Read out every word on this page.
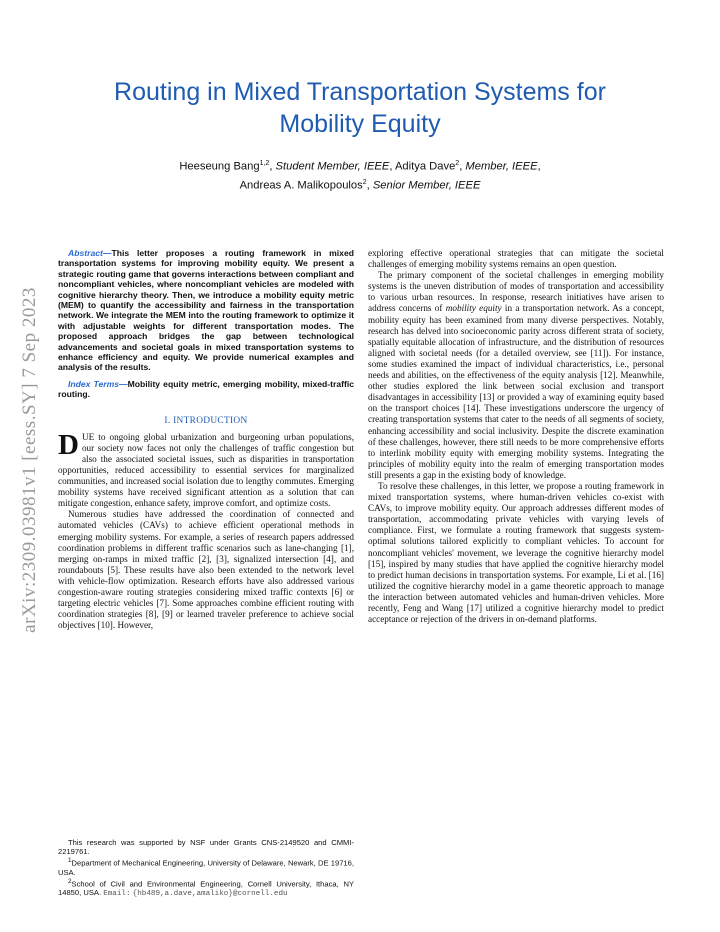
Routing in Mixed Transportation Systems for
Mobility Equity
Heeseung Bang$^{1,2}$, Student Member, IEEE, Aditya Dave$^2$, Member, IEEE,
Andreas A. Malikopoulos$^2$, Senior Member, IEEE
arXiv:2309.03981v1 [eess.SY] 7 Sep 2023

Abstract—This letter proposes a routing framework in mixed transportation systems for improving mobility equity. We present a strategic routing game that governs interactions between compliant and noncompliant vehicles, where noncompliant vehicles are modeled with cognitive hierarchy theory. Then, we introduce a mobility equity metric (MEM) to quantify the accessibility and fairness in the transportation network. We integrate the MEM into the routing framework to optimize it with adjustable weights for different transportation modes. The proposed approach bridges the gap between technological advancements and societal goals in mixed transportation systems to enhance efficiency and equity. We provide numerical examples and analysis of the results.

Index Terms—Mobility equity metric, emerging mobility, mixed-traffic routing.

I. INTRODUCTION

DUE to ongoing global urbanization and burgeoning urban populations, our society now faces not only the challenges of traffic congestion but also the associated societal issues, such as disparities in transportation opportunities, reduced accessibility to essential services for marginalized communities, and increased social isolation due to lengthy commutes. Emerging mobility systems have received significant attention as a solution that can mitigate congestion, enhance safety, improve comfort, and optimize costs.

Numerous studies have addressed the coordination of connected and automated vehicles (CAVs) to achieve efficient operational methods in emerging mobility systems. For example, a series of research papers addressed coordination problems in different traffic scenarios such as lane-changing [1], merging on-ramps in mixed traffic [2], [3], signalized intersection [4], and roundabouts [5]. These results have also been extended to the network level with vehicle-flow optimization. Research efforts have also addressed various congestion-aware routing strategies considering mixed traffic contexts [6] or targeting electric vehicles [7]. Some approaches combine efficient routing with coordination strategies [8], [9] or learned traveler preference to achieve social objectives [10]. However,

exploring effective operational strategies that can mitigate the societal challenges of emerging mobility systems remains an open question.

The primary component of the societal challenges in emerging mobility systems is the uneven distribution of modes of transportation and accessibility to various urban resources. In response, research initiatives have arisen to address concerns of mobility equity in a transportation network. As a concept, mobility equity has been examined from many diverse perspectives. Notably, research has delved into socioeconomic parity across different strata of society, spatially equitable allocation of infrastructure, and the distribution of resources aligned with societal needs (for a detailed overview, see [11]). For instance, some studies examined the impact of individual characteristics, i.e., personal needs and abilities, on the effectiveness of the equity analysis [12]. Meanwhile, other studies explored the link between social exclusion and transport disadvantages in accessibility [13] or provided a way of examining equity based on the transport choices [14]. These investigations underscore the urgency of creating transportation systems that cater to the needs of all segments of society, enhancing accessibility and social inclusivity. Despite the discrete examination of these challenges, however, there still needs to be more comprehensive efforts to interlink mobility equity with emerging mobility systems. Integrating the principles of mobility equity into the realm of emerging transportation modes still presents a gap in the existing body of knowledge.

To resolve these challenges, in this letter, we propose a routing framework in mixed transportation systems, where human-driven vehicles co-exist with CAVs, to improve mobility equity. Our approach addresses different modes of transportation, accommodating private vehicles with varying levels of compliance. First, we formulate a routing framework that suggests system-optimal solutions tailored explicitly to compliant vehicles. To account for noncompliant vehicles' movement, we leverage the cognitive hierarchy model [15], inspired by many studies that have applied the cognitive hierarchy model to predict human decisions in transportation systems. For example, Li et al. [16] utilized the cognitive hierarchy model in a game theoretic approach to manage the interaction between automated vehicles and human-driven vehicles. More recently, Feng and Wang [17] utilized a cognitive hierarchy model to predict acceptance or rejection of the drivers in on-demand platforms.

This research was supported by NSF under Grants CNS-2149520 and CMMI-2219761.

$^1$Department of Mechanical Engineering, University of Delaware, Newark, DE 19716, USA.

$^2$School of Civil and Environmental Engineering, Cornell University, Ithaca, NY 14850, USA. Email: {hb489,a.dave,amaliko}@cornell.edu
